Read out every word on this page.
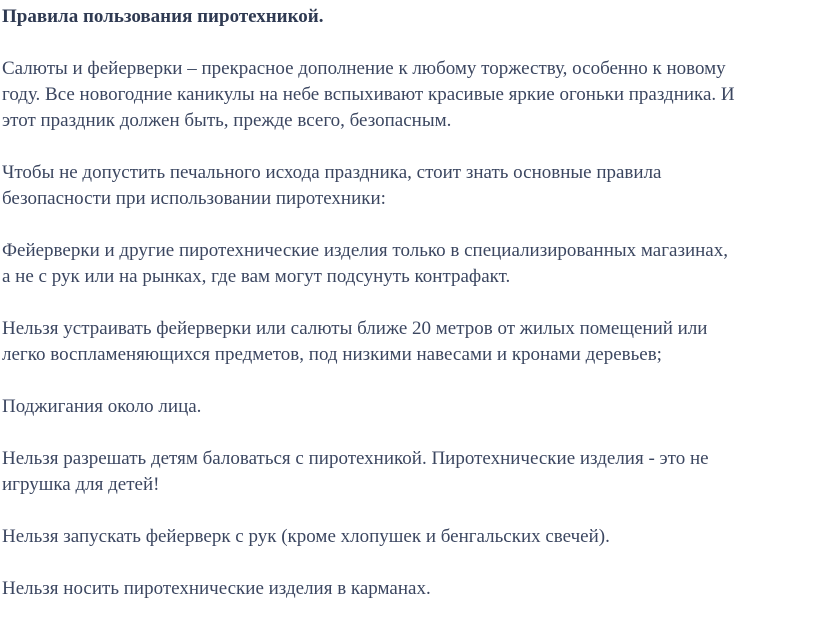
Правила пользования пиротехникой.

Салюты и фейерверки – прекрасное дополнение к любому торжеству, особенно к новому
году. Все новогодние каникулы на небе вспыхивают красивые яркие огоньки праздника. И
этот праздник должен быть, прежде всего, безопасным.

Чтобы не допустить печального исхода праздника, стоит знать основные правила
безопасности при использовании пиротехники:

Фейерверки и другие пиротехнические изделия только в специализированных магазинах,
а не с рук или на рынках, где вам могут подсунуть контрафакт.

Нельзя устраивать фейерверки или салюты ближе 20 метров от жилых помещений или
легко воспламеняющихся предметов, под низкими навесами и кронами деревьев;

Поджигания около лица.

Нельзя разрешать детям баловаться с пиротехникой. Пиротехнические изделия - это не
игрушка для детей!

Нельзя запускать фейерверк с рук (кроме хлопушек и бенгальских свечей).

Нельзя носить пиротехнические изделия в карманах.
